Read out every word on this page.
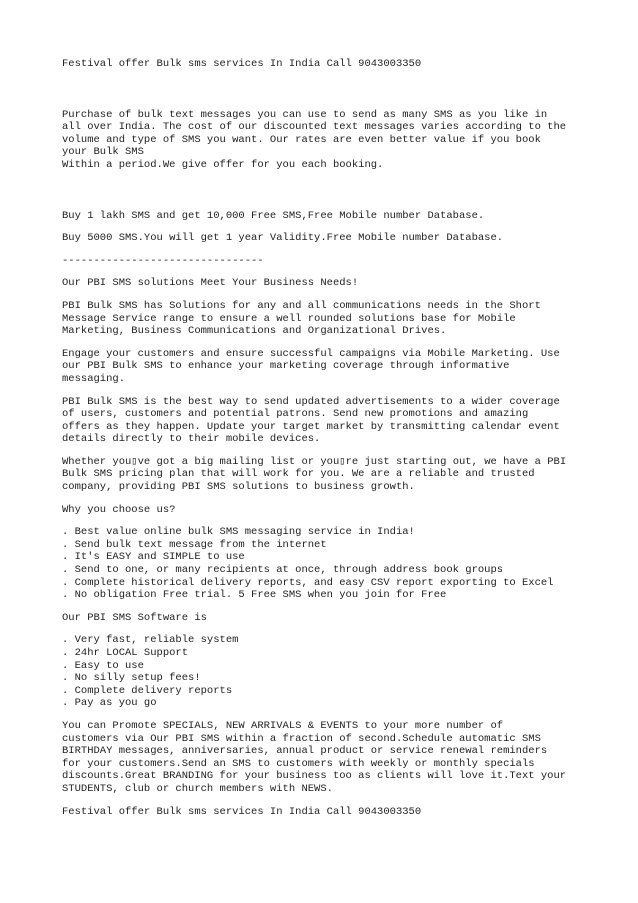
Festival offer Bulk sms services In India Call 9043003350
Purchase of bulk text messages you can use to send as many SMS as you like in
all over India. The cost of our discounted text messages varies according to the
volume and type of SMS you want. Our rates are even better value if you book
your Bulk SMS
Within a period.We give offer for you each booking.
Buy 1 lakh SMS and get 10,000 Free SMS,Free Mobile number Database.
Buy 5000 SMS.You will get 1 year Validity.Free Mobile number Database.
--------------------------------
Our PBI SMS solutions Meet Your Business Needs!
PBI Bulk SMS has Solutions for any and all communications needs in the Short
Message Service range to ensure a well rounded solutions base for Mobile
Marketing, Business Communications and Organizational Drives.
Engage your customers and ensure successful campaigns via Mobile Marketing. Use
our PBI Bulk SMS to enhance your marketing coverage through informative
messaging.
PBI Bulk SMS is the best way to send updated advertisements to a wider coverage
of users, customers and potential patrons. Send new promotions and amazing
offers as they happen. Update your target market by transmitting calendar event
details directly to their mobile devices.
Whether you▯ve got a big mailing list or you▯re just starting out, we have a PBI
Bulk SMS pricing plan that will work for you. We are a reliable and trusted
company, providing PBI SMS solutions to business growth.
Why you choose us?
. Best value online bulk SMS messaging service in India!
. Send bulk text message from the internet
. It's EASY and SIMPLE to use
. Send to one, or many recipients at once, through address book groups
. Complete historical delivery reports, and easy CSV report exporting to Excel
. No obligation Free trial. 5 Free SMS when you join for Free
Our PBI SMS Software is
. Very fast, reliable system
. 24hr LOCAL Support
. Easy to use
. No silly setup fees!
. Complete delivery reports
. Pay as you go
You can Promote SPECIALS, NEW ARRIVALS & EVENTS to your more number of
customers via Our PBI SMS within a fraction of second.Schedule automatic SMS
BIRTHDAY messages, anniversaries, annual product or service renewal reminders
for your customers.Send an SMS to customers with weekly or monthly specials
discounts.Great BRANDING for your business too as clients will love it.Text your
STUDENTS, club or church members with NEWS.
Festival offer Bulk sms services In India Call 9043003350
